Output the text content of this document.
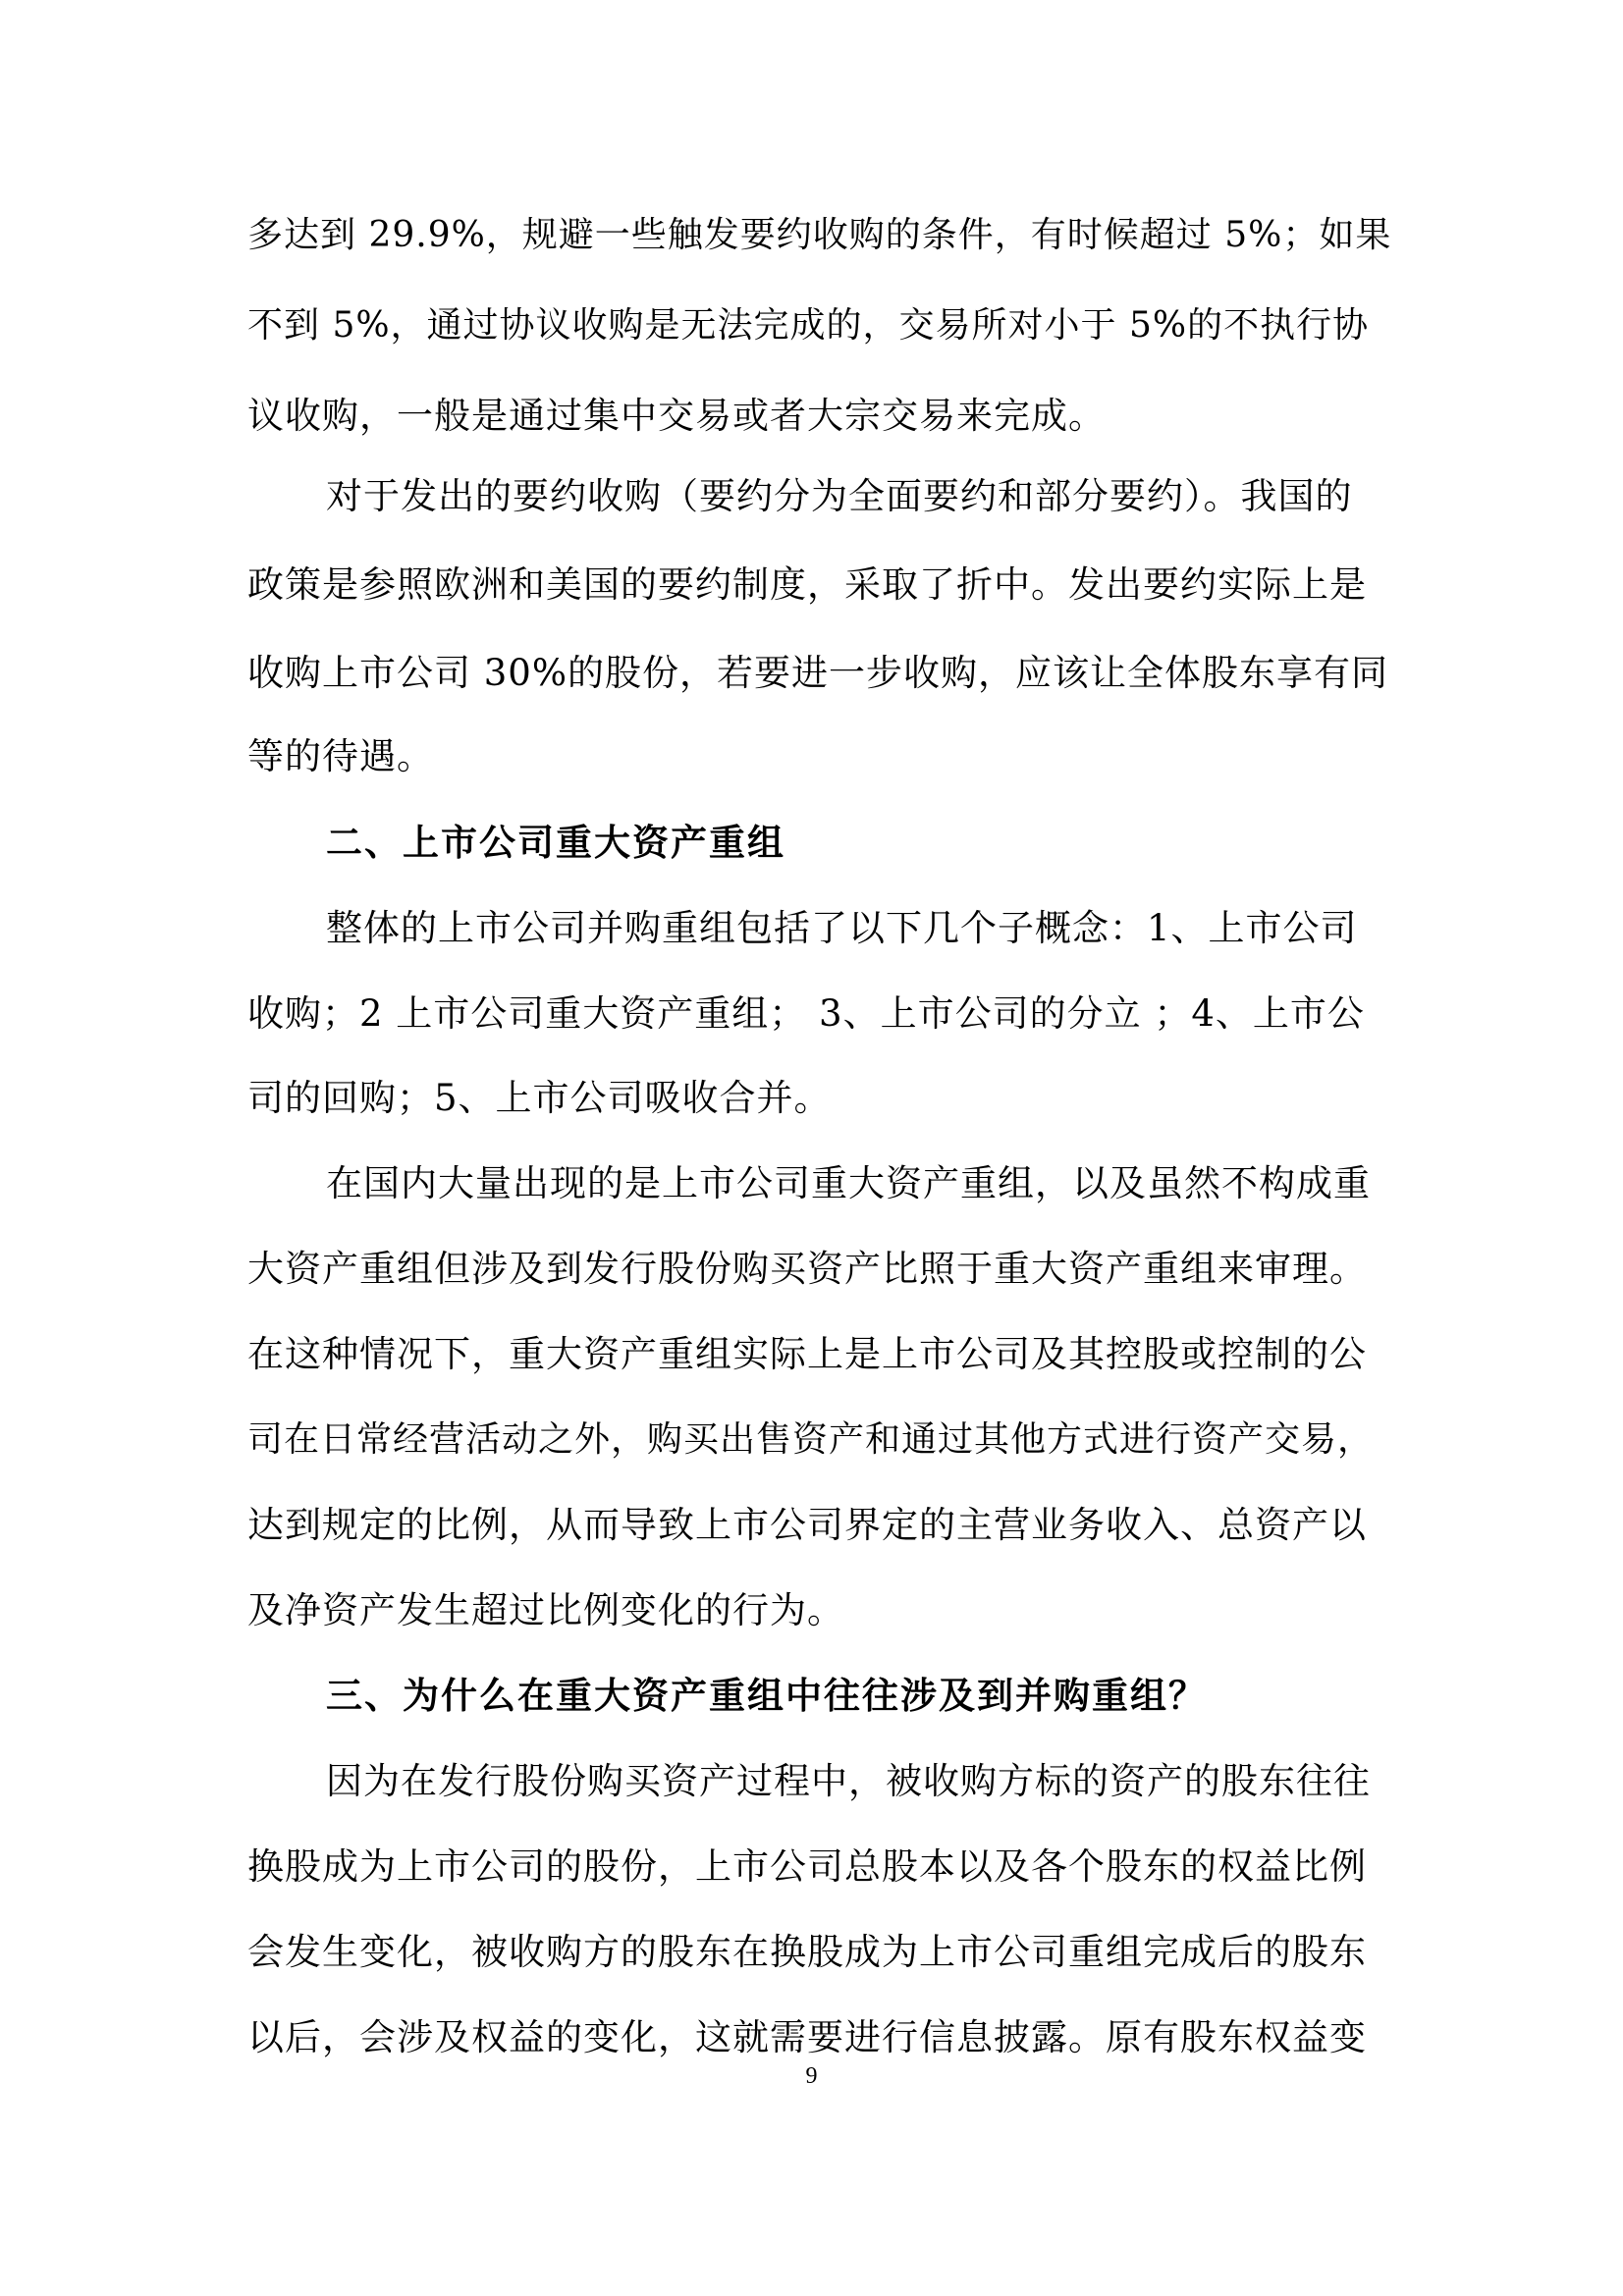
多达到 29.9%，规避一些触发要约收购的条件，有时候超过 5%；如果

不到 5%，通过协议收购是无法完成的，交易所对小于 5%的不执行协

议收购，一般是通过集中交易或者大宗交易来完成。

对于发出的要约收购（要约分为全面要约和部分要约）。我国的

政策是参照欧洲和美国的要约制度，采取了折中。发出要约实际上是

收购上市公司 30%的股份，若要进一步收购，应该让全体股东享有同

等的待遇。

二、上市公司重大资产重组

整体的上市公司并购重组包括了以下几个子概念：1、上市公司

收购；2 上市公司重大资产重组； 3、上市公司的分立 ；4、上市公

司的回购；5、上市公司吸收合并。

在国内大量出现的是上市公司重大资产重组，以及虽然不构成重

大资产重组但涉及到发行股份购买资产比照于重大资产重组来审理。

在这种情况下，重大资产重组实际上是上市公司及其控股或控制的公

司在日常经营活动之外，购买出售资产和通过其他方式进行资产交易，

达到规定的比例，从而导致上市公司界定的主营业务收入、总资产以

及净资产发生超过比例变化的行为。

三、为什么在重大资产重组中往往涉及到并购重组？

因为在发行股份购买资产过程中，被收购方标的资产的股东往往

换股成为上市公司的股份，上市公司总股本以及各个股东的权益比例

会发生变化，被收购方的股东在换股成为上市公司重组完成后的股东

以后，会涉及权益的变化，这就需要进行信息披露。原有股东权益变

9
